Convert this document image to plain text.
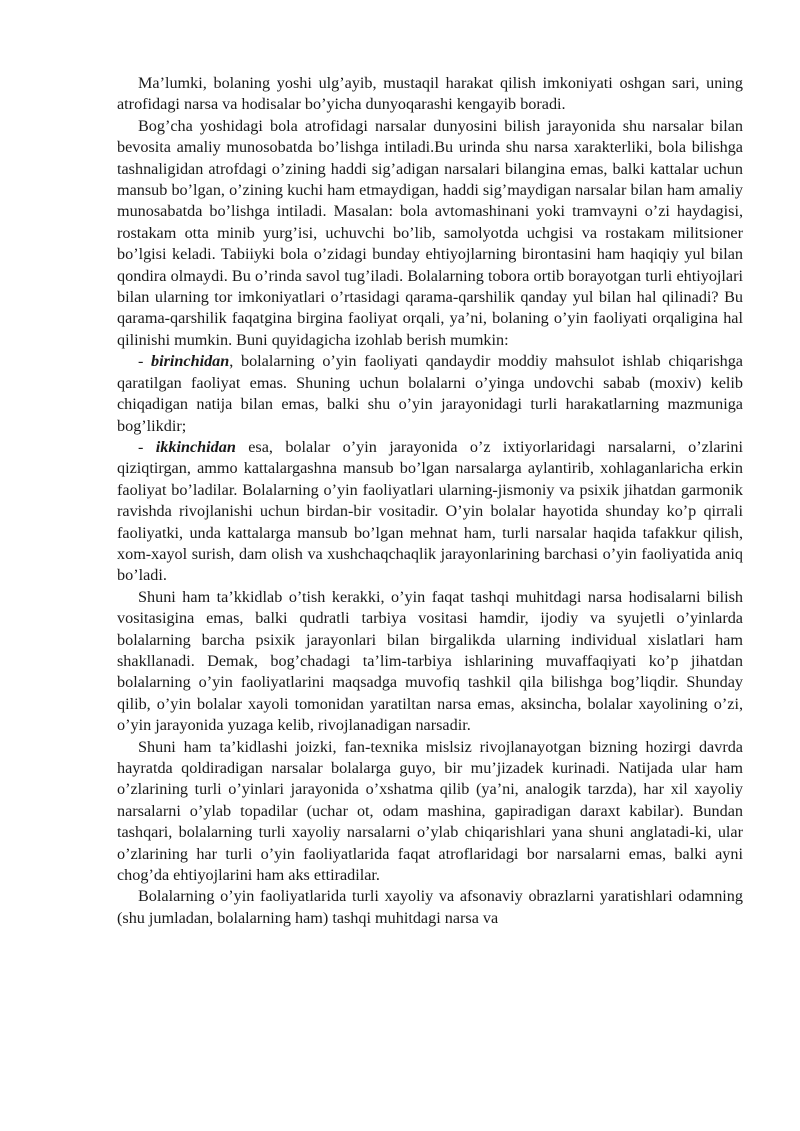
Ma’lumki, bolaning yoshi ulg’ayib, mustaqil harakat qilish imkoniyati oshgan sari, uning atrofidagi narsa va hodisalar bo’yicha dunyoqarashi kengayib boradi.

Bog’cha yoshidagi bola atrofidagi narsalar dunyosini bilish jarayonida shu narsalar bilan bevosita amaliy munosobatda bo’lishga intiladi.Bu urinda shu narsa xarakterliki, bola bilishga tashnaligidan atrofdagi o’zining haddi sig’adigan narsalari bilangina emas, balki kattalar uchun mansub bo’lgan, o’zining kuchi ham etmaydigan, haddi sig’maydigan narsalar bilan ham amaliy munosabatda bo’lishga intiladi. Masalan: bola avtomashinani yoki tramvayni o’zi haydagisi, rostakam otta minib yurg’isi, uchuvchi bo’lib, samolyotda uchgisi va rostakam militsioner bo’lgisi keladi. Tabiiyki bola o’zidagi bunday ehtiyojlarning birontasini ham haqiqiy yul bilan qondira olmaydi. Bu o’rinda savol tug’iladi. Bolalarning tobora ortib borayotgan turli ehtiyojlari bilan ularning tor imkoniyatlari o’rtasidagi qarama-qarshilik qanday yul bilan hal qilinadi? Bu qarama-qarshilik faqatgina birgina faoliyat orqali, ya’ni, bolaning o’yin faoliyati orqaligina hal qilinishi mumkin. Buni quyidagicha izohlab berish mumkin:

- birinchidan, bolalarning o’yin faoliyati qandaydir moddiy mahsulot ishlab chiqarishga qaratilgan faoliyat emas. Shuning uchun bolalarni o’yinga undovchi sabab (moxiv) kelib chiqadigan natija bilan emas, balki shu o’yin jarayonidagi turli harakatlarning mazmuniga bog’likdir;

- ikkinchidan esa, bolalar o’yin jarayonida o’z ixtiyorlaridagi narsalarni, o’zlarini qiziqtirgan, ammo kattalargashna mansub bo’lgan narsalarga aylantirib, xohlaganlaricha erkin faoliyat bo’ladilar. Bolalarning o’yin faoliyatlari ularning-jismoniy va psixik jihatdan garmonik ravishda rivojlanishi uchun birdan-bir vositadir. O’yin bolalar hayotida shunday ko’p qirrali faoliyatki, unda kattalarga mansub bo’lgan mehnat ham, turli narsalar haqida tafakkur qilish, xom-xayol surish, dam olish va xushchaqchaqlik jarayonlarining barchasi o’yin faoliyatida aniq bo’ladi.

Shuni ham ta’kkidlab o’tish kerakki, o’yin faqat tashqi muhitdagi narsa hodisalarni bilish vositasigina emas, balki qudratli tarbiya vositasi hamdir, ijodiy va syujetli o’yinlarda bolalarning barcha psixik jarayonlari bilan birgalikda ularning individual xislatlari ham shakllanadi. Demak, bog’chadagi ta’lim-tarbiya ishlarining muvaffaqiyati ko’p jihatdan bolalarning o’yin faoliyatlarini maqsadga muvofiq tashkil qila bilishga bog’liqdir. Shunday qilib, o’yin bolalar xayoli tomonidan yaratiltan narsa emas, aksincha, bolalar xayolining o’zi, o’yin jarayonida yuzaga kelib, rivojlanadigan narsadir.

Shuni ham ta’kidlashi joizki, fan-texnika mislsiz rivojlanayotgan bizning hozirgi davrda hayratda qoldiradigan narsalar bolalarga guyo, bir mu’jizadek kurinadi. Natijada ular ham o’zlarining turli o’yinlari jarayonida o’xshatma qilib (ya’ni, analogik tarzda), har xil xayoliy narsalarni o’ylab topadilar (uchar ot, odam mashina, gapiradigan daraxt kabilar). Bundan tashqari, bolalarning turli xayoliy narsalarni o’ylab chiqarishlari yana shuni anglatadi-ki, ular o’zlarining har turli o’yin faoliyatlarida faqat atroflaridagi bor narsalarni emas, balki ayni chog’da ehtiyojlarini ham aks ettiradilar.

Bolalarning o’yin faoliyatlarida turli xayoliy va afsonaviy obrazlarni yaratishlari odamning (shu jumladan, bolalarning ham) tashqi muhitdagi narsa va
